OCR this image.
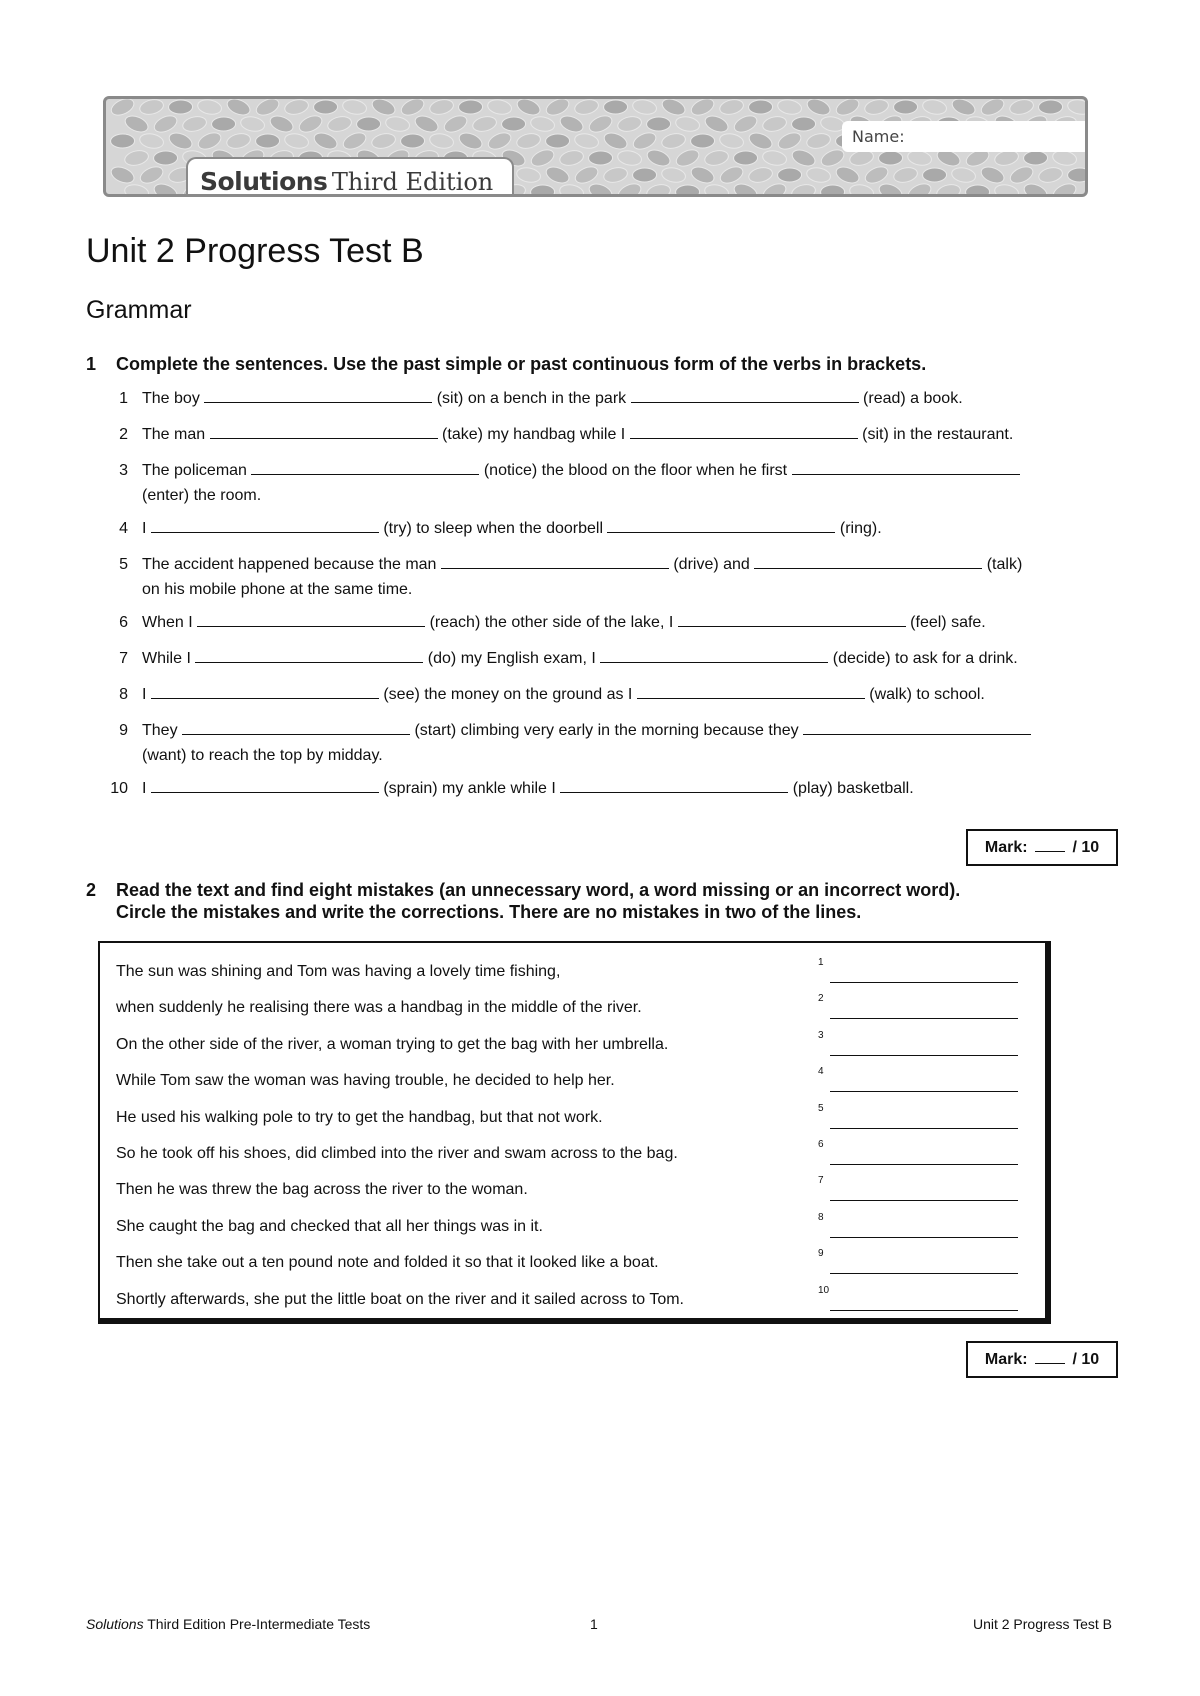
Name:
Solutions Third Edition
Unit 2 Progress Test B
Grammar
1 Complete the sentences. Use the past simple or past continuous form of the verbs in brackets.
1 The boy	(sit) on a bench in the park	(read) a book.
2 The man	(take) my handbag while I	(sit) in the restaurant.
3 The policeman	(notice) the blood on the floor when he first
(enter) the room.
4 I	(try) to sleep when the doorbell	(ring).
5 The accident happened because the man	(drive) and	(talk)
on his mobile phone at the same time.
6 When I	(reach) the other side of the lake, I	(feel) safe.
7 While I	(do) my English exam, I	(decide) to ask for a drink.
8 I	(see) the money on the ground as I	(walk) to school.
9 They	(start) climbing very early in the morning because they
(want) to reach the top by midday.
10 I	(sprain) my ankle while I	(play) basketball.
Mark:	/ 10
2 Read the text and find eight mistakes (an unnecessary word, a word missing or an incorrect word).
Circle the mistakes and write the corrections. There are no mistakes in two of the lines.
The sun was shining and Tom was having a lovely time fishing,
1
when suddenly he realising there was a handbag in the middle of the river.
2
On the other side of the river, a woman trying to get the bag with her umbrella.
3
While Tom saw the woman was having trouble, he decided to help her.
4
He used his walking pole to try to get the handbag, but that not work.
5
So he took off his shoes, did climbed into the river and swam across to the bag.
6
Then he was threw the bag across the river to the woman.
7
She caught the bag and checked that all her things was in it.
8
Then she take out a ten pound note and folded it so that it looked like a boat.
9
Shortly afterwards, she put the little boat on the river and it sailed across to Tom.
10
Mark:	/ 10
Solutions Third Edition Pre-Intermediate Tests	1	Unit 2 Progress Test B
